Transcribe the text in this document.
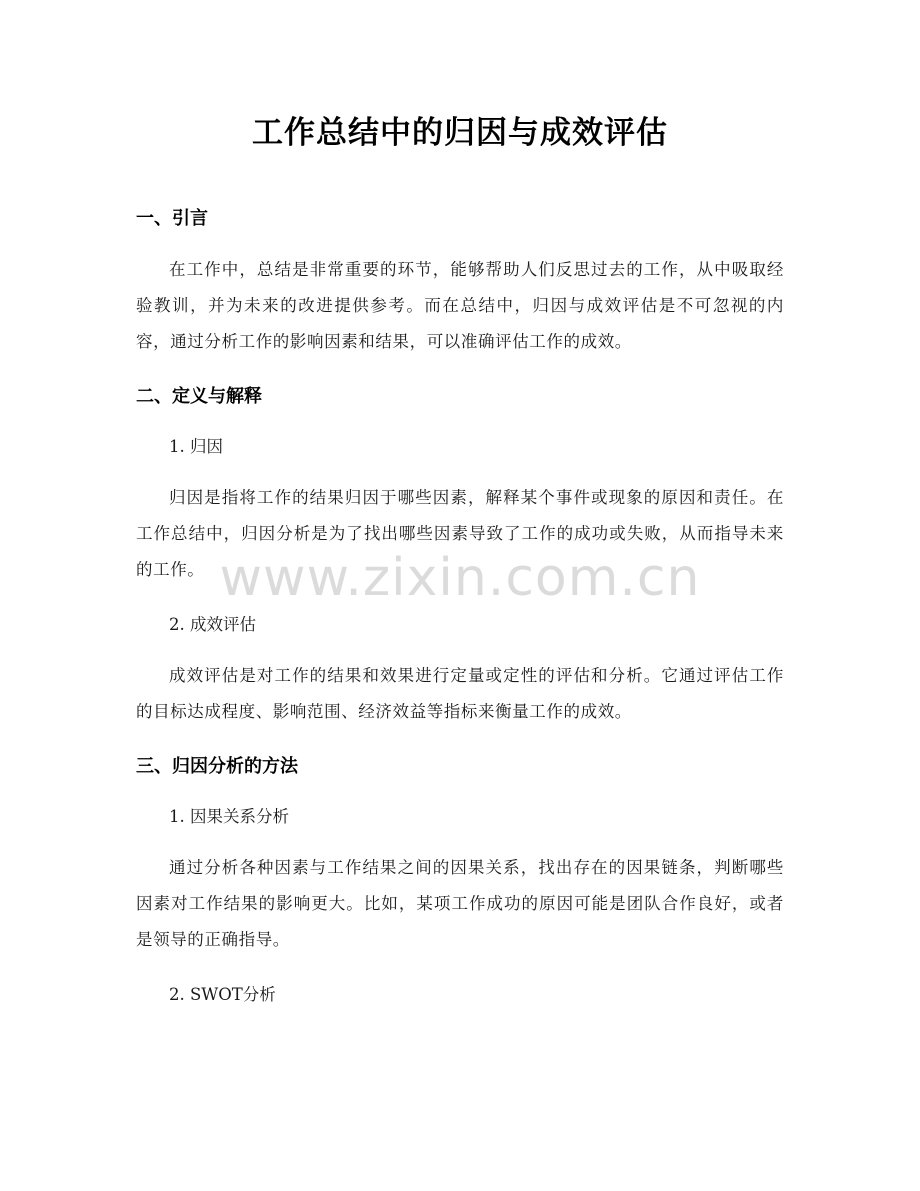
工作总结中的归因与成效评估
一、引言

在工作中，总结是非常重要的环节，能够帮助人们反思过去的工作，从中吸取经验教训，并为未来的改进提供参考。而在总结中，归因与成效评估是不可忽视的内容，通过分析工作的影响因素和结果，可以准确评估工作的成效。

二、定义与解释

1. 归因

归因是指将工作的结果归因于哪些因素，解释某个事件或现象的原因和责任。在工作总结中，归因分析是为了找出哪些因素导致了工作的成功或失败，从而指导未来的工作。

2. 成效评估

成效评估是对工作的结果和效果进行定量或定性的评估和分析。它通过评估工作的目标达成程度、影响范围、经济效益等指标来衡量工作的成效。

三、归因分析的方法

1. 因果关系分析

通过分析各种因素与工作结果之间的因果关系，找出存在的因果链条，判断哪些因素对工作结果的影响更大。比如，某项工作成功的原因可能是团队合作良好，或者是领导的正确指导。

2. SWOT分析

www.zixin.com.cn
